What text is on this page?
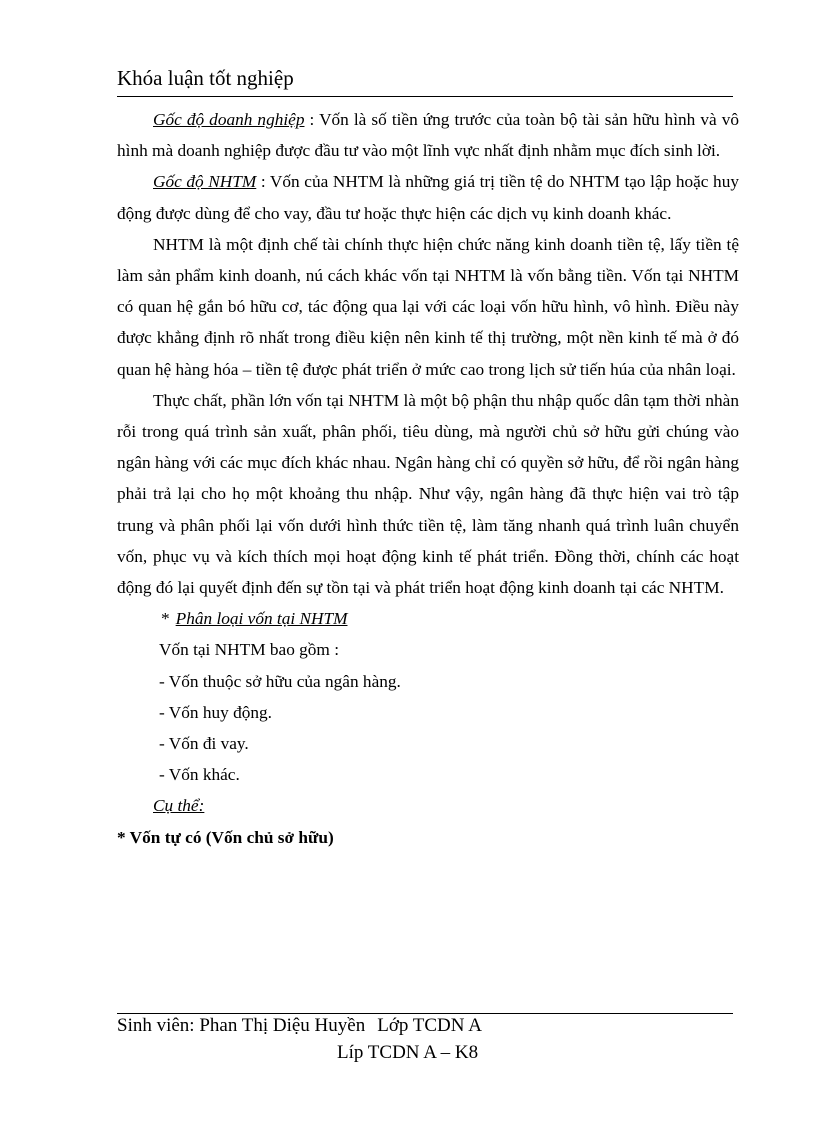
Khóa luận tốt nghiệp

Gốc độ doanh nghiệp : Vốn là số tiền ứng trước của toàn bộ tài sản hữu hình và vô hình mà doanh nghiệp được đầu tư vào một lĩnh vực nhất định nhằm mục đích sinh lời.

Gốc độ NHTM : Vốn của NHTM là những giá trị tiền tệ do NHTM tạo lập hoặc huy động được dùng để cho vay, đầu tư hoặc thực hiện các dịch vụ kinh doanh khác.

NHTM là một định chế tài chính thực hiện chức năng kinh doanh tiền tệ, lấy tiền tệ làm sản phẩm kinh doanh, nú cách khác vốn tại NHTM là vốn bằng tiền. Vốn tại NHTM có quan hệ gắn bó hữu cơ, tác động qua lại với các loại vốn hữu hình, vô hình. Điều này được khẳng định rõ nhất trong điều kiện nên kinh tế thị trường, một nền kinh tế mà ở đó quan hệ hàng hóa – tiền tệ được phát triển ở mức cao trong lịch sử tiến húa của nhân loại.

Thực chất, phần lớn vốn tại NHTM là một bộ phận thu nhập quốc dân tạm thời nhàn rỗi trong quá trình sản xuất, phân phối, tiêu dùng, mà người chủ sở hữu gửi chúng vào ngân hàng với các mục đích khác nhau. Ngân hàng chỉ có quyền sở hữu, để rồi ngân hàng phải trả lại cho họ một khoảng thu nhập. Như vậy, ngân hàng đã thực hiện vai trò tập trung và phân phối lại vốn dưới hình thức tiền tệ, làm tăng nhanh quá trình luân chuyển vốn, phục vụ và kích thích mọi hoạt động kinh tế phát triển. Đồng thời, chính các hoạt động đó lại quyết định đến sự tồn tại và phát triển hoạt động kinh doanh tại các NHTM.

* Phân loại vốn tại NHTM
Vốn tại NHTM bao gồm :
- Vốn thuộc sở hữu của ngân hàng.
- Vốn huy động.
- Vốn đi vay.
- Vốn khác.
Cụ thể:
* Vốn tự có (Vốn chủ sở hữu)
Sinh viên: Phan Thị Diệu Huyền Lớp TCDN A
Líp TCDN A – K8
